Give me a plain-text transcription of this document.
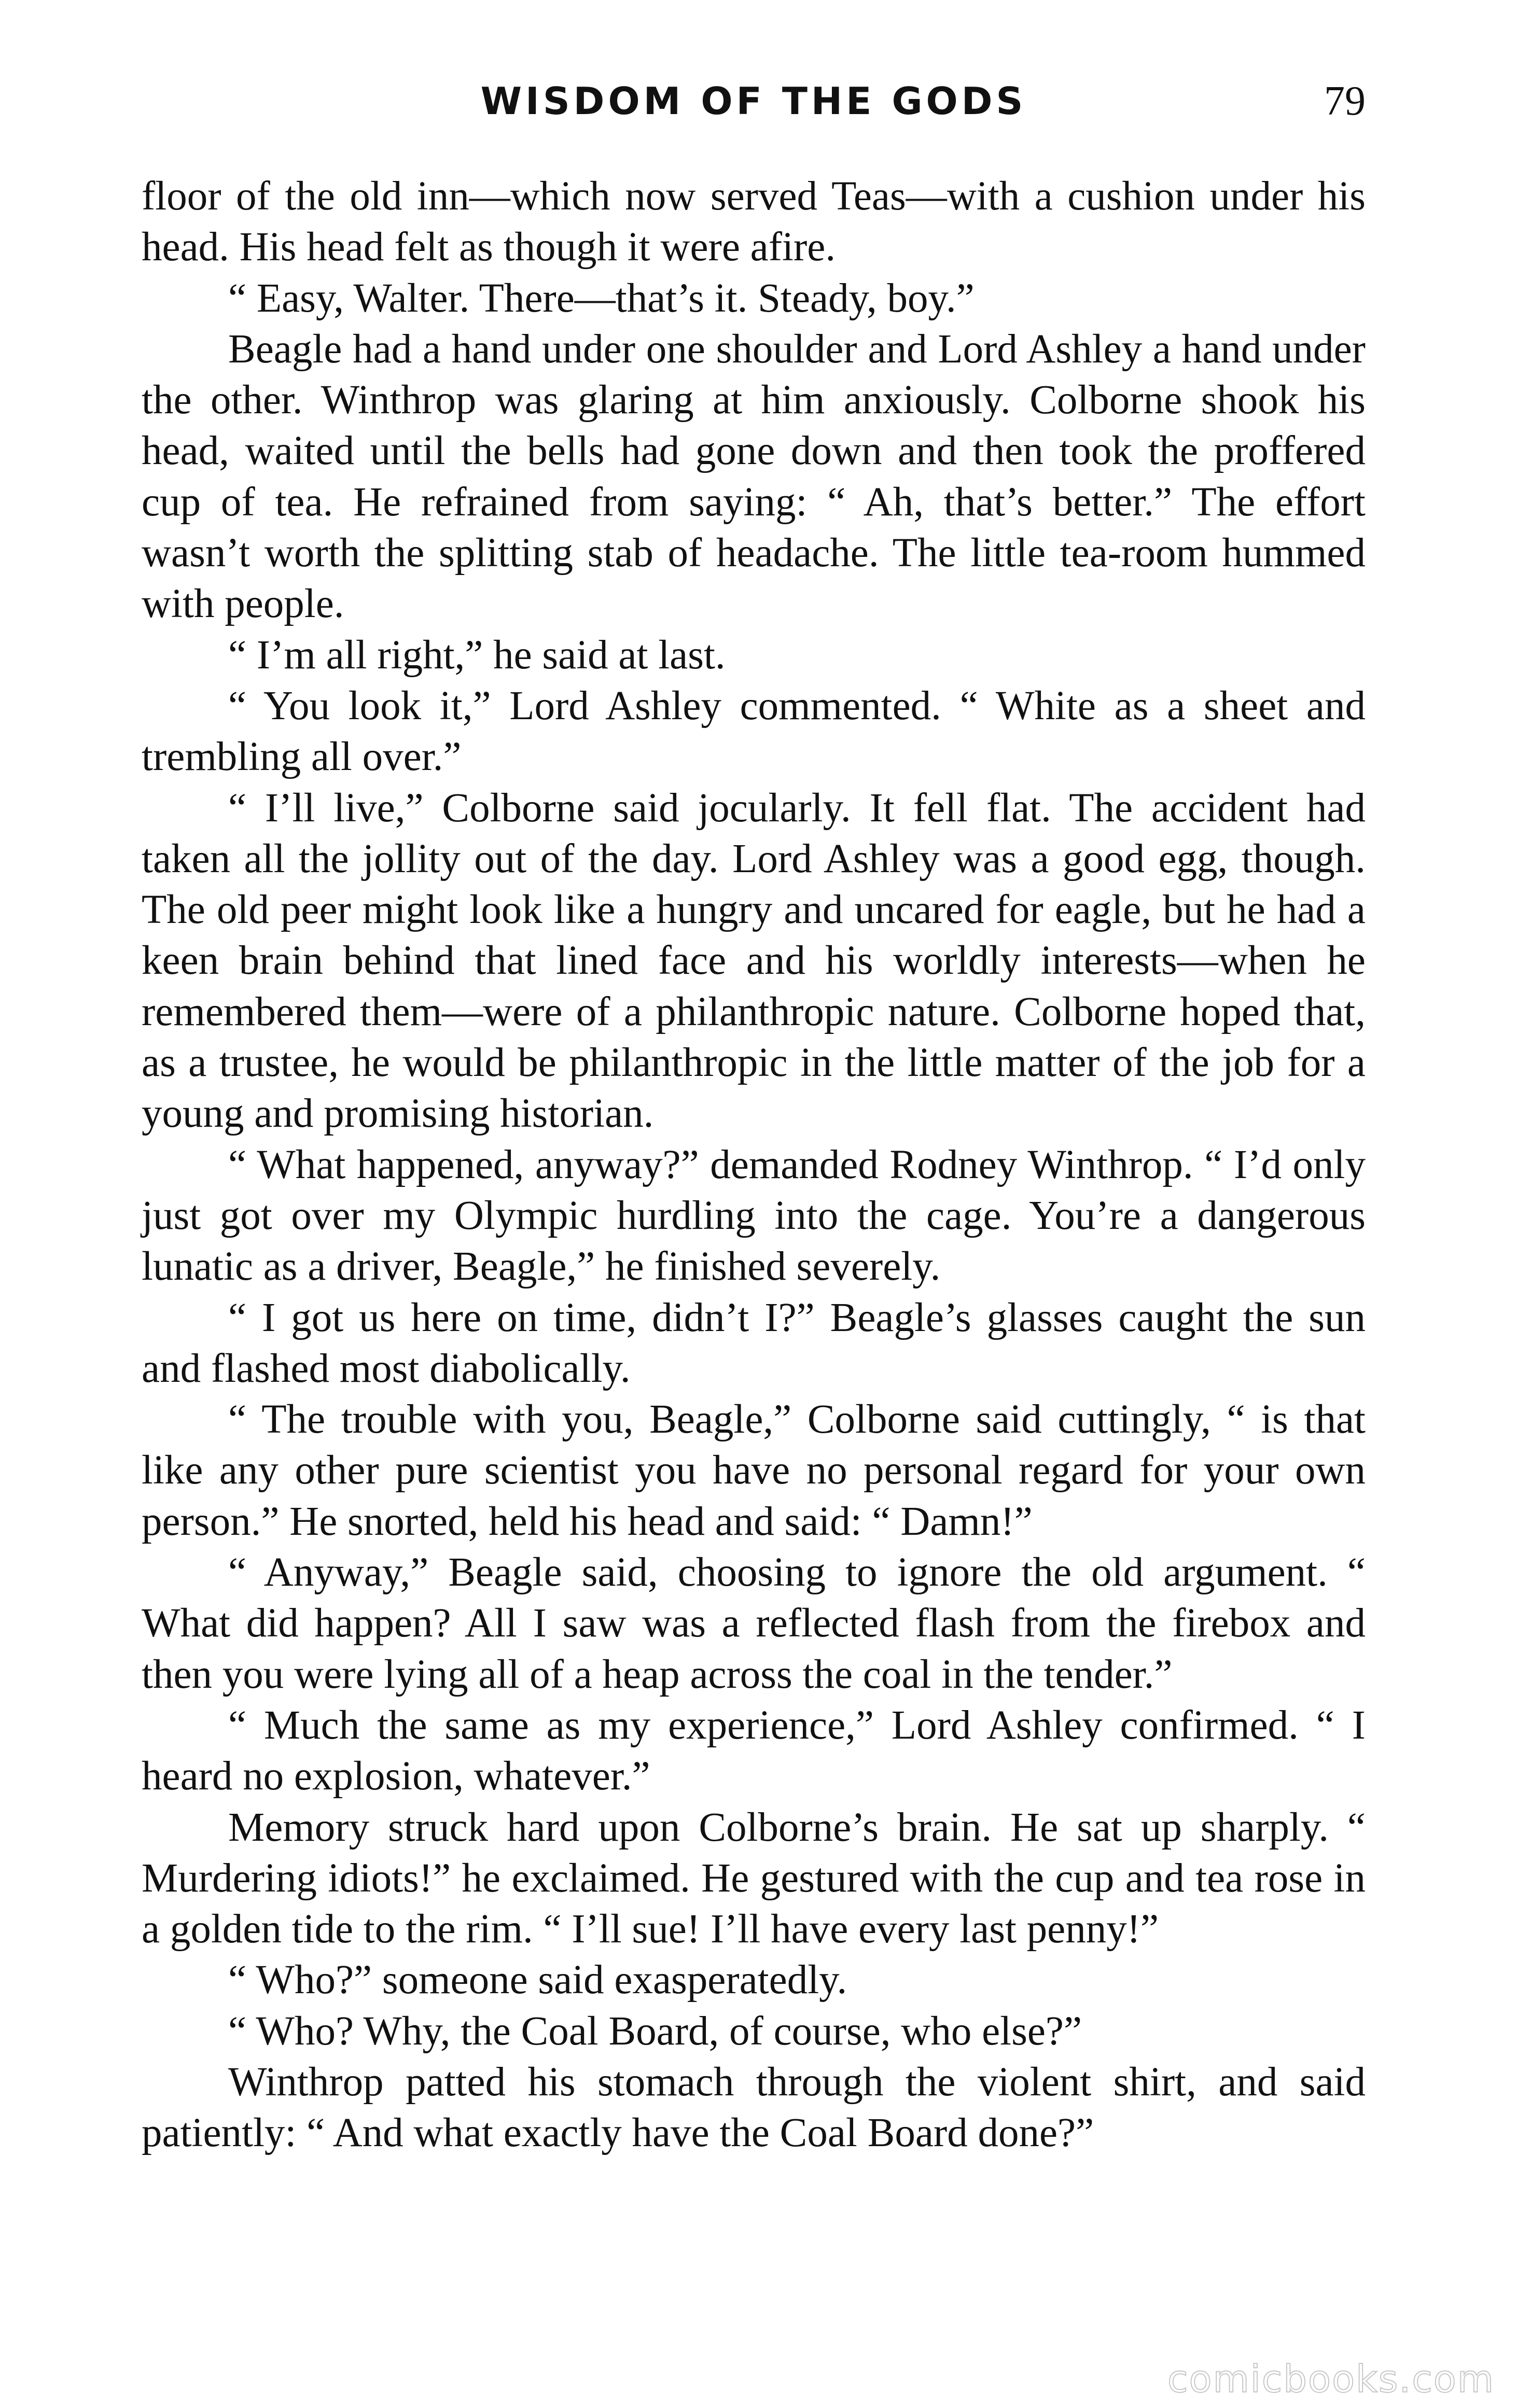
WISDOM OF THE GODS	79

floor of the old inn—which now served Teas—with a cushion under his head. His head felt as though it were afire.

“ Easy, Walter. There—that’s it. Steady, boy.”

Beagle had a hand under one shoulder and Lord Ashley a hand under the other. Winthrop was glaring at him anxiously. Colborne shook his head, waited until the bells had gone down and then took the proffered cup of tea. He refrained from saying: “ Ah, that’s better.” The effort wasn’t worth the splitting stab of headache. The little tea-room hummed with people.

“ I’m all right,” he said at last.

“ You look it,” Lord Ashley commented. “ White as a sheet and trembling all over.”

“ I’ll live,” Colborne said jocularly. It fell flat. The accident had taken all the jollity out of the day. Lord Ashley was a good egg, though. The old peer might look like a hungry and uncared for eagle, but he had a keen brain behind that lined face and his worldly interests—when he remembered them—were of a philanthropic nature. Colborne hoped that, as a trustee, he would be philanthropic in the little matter of the job for a young and promising historian.

“ What happened, anyway?” demanded Rodney Winthrop. “ I’d only just got over my Olympic hurdling into the cage. You’re a dangerous lunatic as a driver, Beagle,” he finished severely.

“ I got us here on time, didn’t I?” Beagle’s glasses caught the sun and flashed most diabolically.

“ The trouble with you, Beagle,” Colborne said cuttingly, “ is that like any other pure scientist you have no personal regard for your own person.” He snorted, held his head and said: “ Damn!”

“ Anyway,” Beagle said, choosing to ignore the old argument. “ What did happen? All I saw was a reflected flash from the firebox and then you were lying all of a heap across the coal in the tender.”

“ Much the same as my experience,” Lord Ashley confirmed. “ I heard no explosion, whatever.”

Memory struck hard upon Colborne’s brain. He sat up sharply. “ Murdering idiots!” he exclaimed. He gestured with the cup and tea rose in a golden tide to the rim. “ I’ll sue! I’ll have every last penny!”

“ Who?” someone said exasperatedly.

“ Who? Why, the Coal Board, of course, who else?”

Winthrop patted his stomach through the violent shirt, and said patiently: “ And what exactly have the Coal Board done?”

comicbooks.com
